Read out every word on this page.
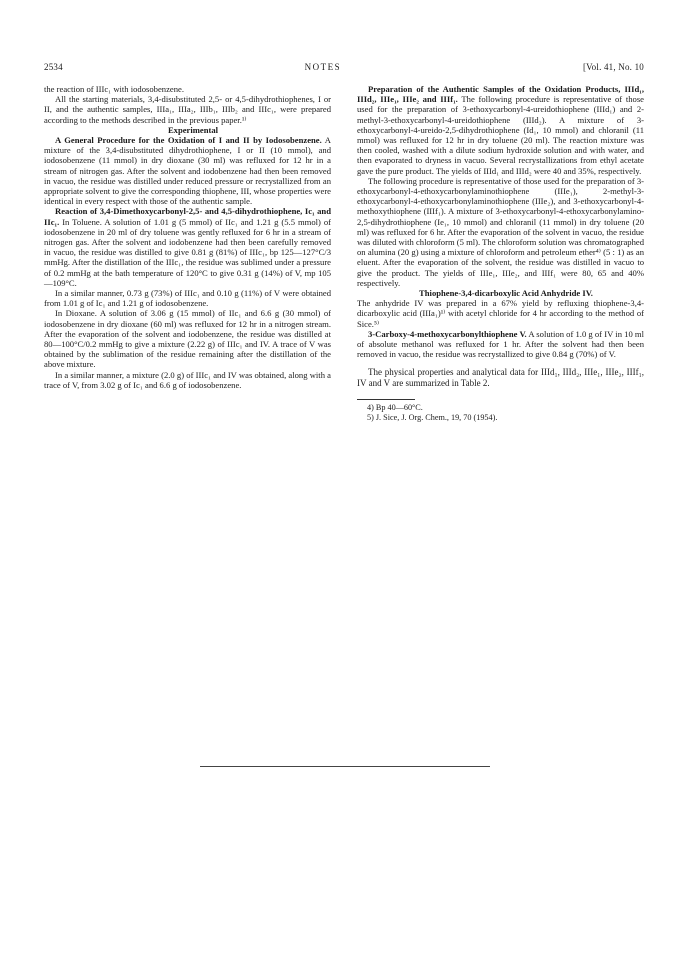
2534	NOTES	[Vol. 41, No. 10

the reaction of IIIc₁ with iodosobenzene.

All the starting materials, 3,4-disubstituted 2,5- or 4,5-dihydrothiophenes, I or II, and the authentic samples, IIIa₁, IIIa₂, IIIb₁, IIIb₂ and IIIc₁, were prepared according to the methods described in the previous paper.¹⁾

Experimental

A General Procedure for the Oxidation of I and II by Iodosobenzene. A mixture of the 3,4-disubstituted dihydrothiophene, I or II (10 mmol), and iodosobenzene (11 mmol) in dry dioxane (30 ml) was refluxed for 12 hr in a stream of nitrogen gas. After the solvent and iodobenzene had then been removed in vacuo, the residue was distilled under reduced pressure or recrystallized from an appropriate solvent to give the corresponding thiophene, III, whose properties were identical in every respect with those of the authentic sample.

Reaction of 3,4-Dimethoxycarbonyl-2,5- and 4,5-dihydrothiophene, Ic₁ and IIc₁. In Toluene. A solution of 1.01 g (5 mmol) of IIc₁ and 1.21 g (5.5 mmol) of iodosobenzene in 20 ml of dry toluene was gently refluxed for 6 hr in a stream of nitrogen gas. After the solvent and iodobenzene had then been carefully removed in vacuo, the residue was distilled to give 0.81 g (81%) of IIIc₁, bp 125—127°C/3 mmHg. After the distillation of the IIIc₁, the residue was sublimed under a pressure of 0.2 mmHg at the bath temperature of 120°C to give 0.31 g (14%) of V, mp 105—109°C.

In a similar manner, 0.73 g (73%) of IIIc₁ and 0.10 g (11%) of V were obtained from 1.01 g of Ic₁ and 1.21 g of iodosobenzene.

In Dioxane. A solution of 3.06 g (15 mmol) of IIc₁ and 6.6 g (30 mmol) of iodosobenzene in dry dioxane (60 ml) was refluxed for 12 hr in a nitrogen stream. After the evaporation of the solvent and iodobenzene, the residue was distilled at 80—100°C/0.2 mmHg to give a mixture (2.22 g) of IIIc₁ and IV. A trace of V was obtained by the sublimation of the residue remaining after the distillation of the above mixture.

In a similar manner, a mixture (2.0 g) of IIIc₁ and IV was obtained, along with a trace of V, from 3.02 g of Ic₁ and 6.6 g of iodosobenzene.

Preparation of the Authentic Samples of the Oxidation Products, IIId₁, IIId₂, IIIe₁, IIIe₂ and IIIf₁. The following procedure is representative of those used for the preparation of 3-ethoxycarbonyl-4-ureidothiophene (IIId₁) and 2-methyl-3-ethoxycarbonyl-4-ureidothiophene (IIId₂). A mixture of 3-ethoxycarbonyl-4-ureido-2,5-dihydrothiophene (Id₁, 10 mmol) and chloranil (11 mmol) was refluxed for 12 hr in dry toluene (20 ml). The reaction mixture was then cooled, washed with a dilute sodium hydroxide solution and with water, and then evaporated to dryness in vacuo. Several recrystallizations from ethyl acetate gave the pure product. The yields of IIId₁ and IIId₂ were 40 and 35%, respectively.

The following procedure is representative of those used for the preparation of 3-ethoxycarbonyl-4-ethoxycarbonylaminothiophene (IIIe₁), 2-methyl-3-ethoxycarbonyl-4-ethoxycarbonylaminothiophene (IIIe₂), and 3-ethoxycarbonyl-4-methoxythiophene (IIIf₁). A mixture of 3-ethoxycarbonyl-4-ethoxycarbonylamino-2,5-dihydrothiophene (Ie₁, 10 mmol) and chloranil (11 mmol) in dry toluene (20 ml) was refluxed for 6 hr. After the evaporation of the solvent in vacuo, the residue was diluted with chloroform (5 ml). The chloroform solution was chromatographed on alumina (20 g) using a mixture of chloroform and petroleum ether⁴⁾ (5 : 1) as an eluent. After the evaporation of the solvent, the residue was distilled in vacuo to give the product. The yields of IIIe₁, IIIe₂, and IIIf₁ were 80, 65 and 40% respectively.

Thiophene-3,4-dicarboxylic Acid Anhydride IV.

The anhydride IV was prepared in a 67% yield by refluxing thiophene-3,4-dicarboxylic acid (IIIa₁)¹⁾ with acetyl chloride for 4 hr according to the method of Sice.⁵⁾

3-Carboxy-4-methoxycarbonylthiophene V. A solution of 1.0 g of IV in 10 ml of absolute methanol was refluxed for 1 hr. After the solvent had then been removed in vacuo, the residue was recrystallized to give 0.84 g (70%) of V.

The physical properties and analytical data for IIId₁, IIId₂, IIIe₁, IIIe₂, IIIf₁, IV and V are summarized in Table 2.

4) Bp 40—60°C.

5) J. Sice, J. Org. Chem., 19, 70 (1954).
